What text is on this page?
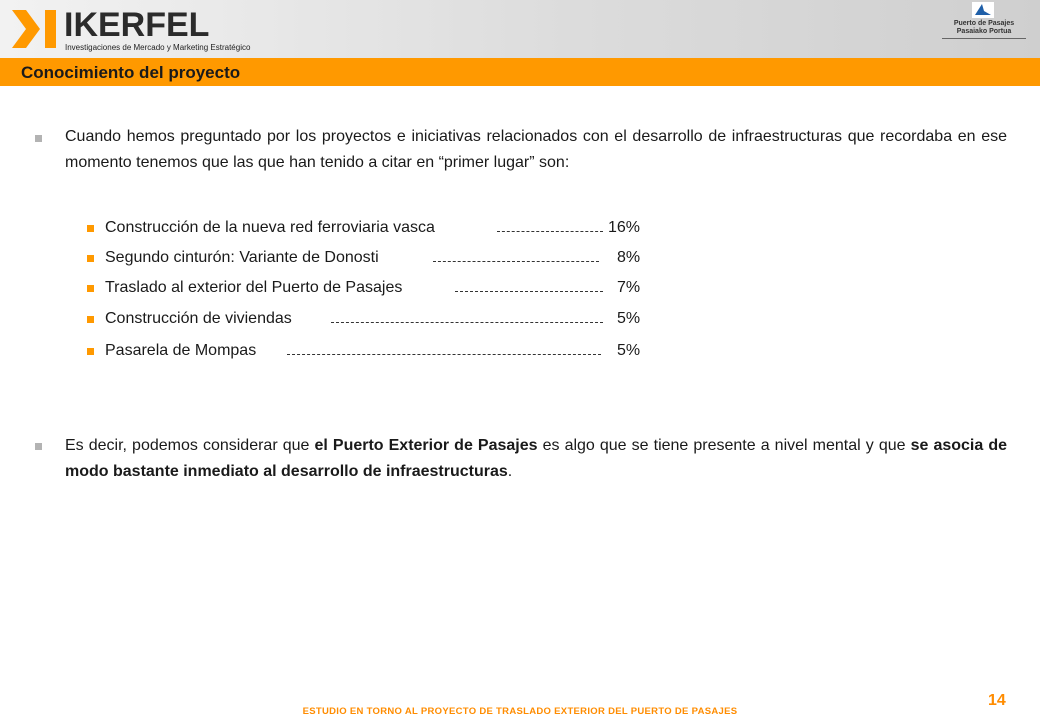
IKERFEL
Investigaciones de Mercado y Marketing Estratégico
Puerto de Pasajes
Pasaiako Portua
Conocimiento del proyecto
Cuando hemos preguntado por los proyectos e iniciativas relacionados con el desarrollo de infraestructuras que recordaba en ese momento tenemos que las que han tenido a citar en “primer lugar” son:
Construcción de la nueva red ferroviaria vasca	16%
Segundo cinturón: Variante de Donosti	8%
Traslado al exterior del Puerto de Pasajes	7%
Construcción de viviendas	5%
Pasarela de Mompas	5%
Es decir, podemos considerar que el Puerto Exterior de Pasajes es algo que se tiene presente a nivel mental y que se asocia de modo bastante inmediato al desarrollo de infraestructuras.
14
ESTUDIO EN TORNO AL PROYECTO DE TRASLADO EXTERIOR DEL PUERTO DE PASAJES
